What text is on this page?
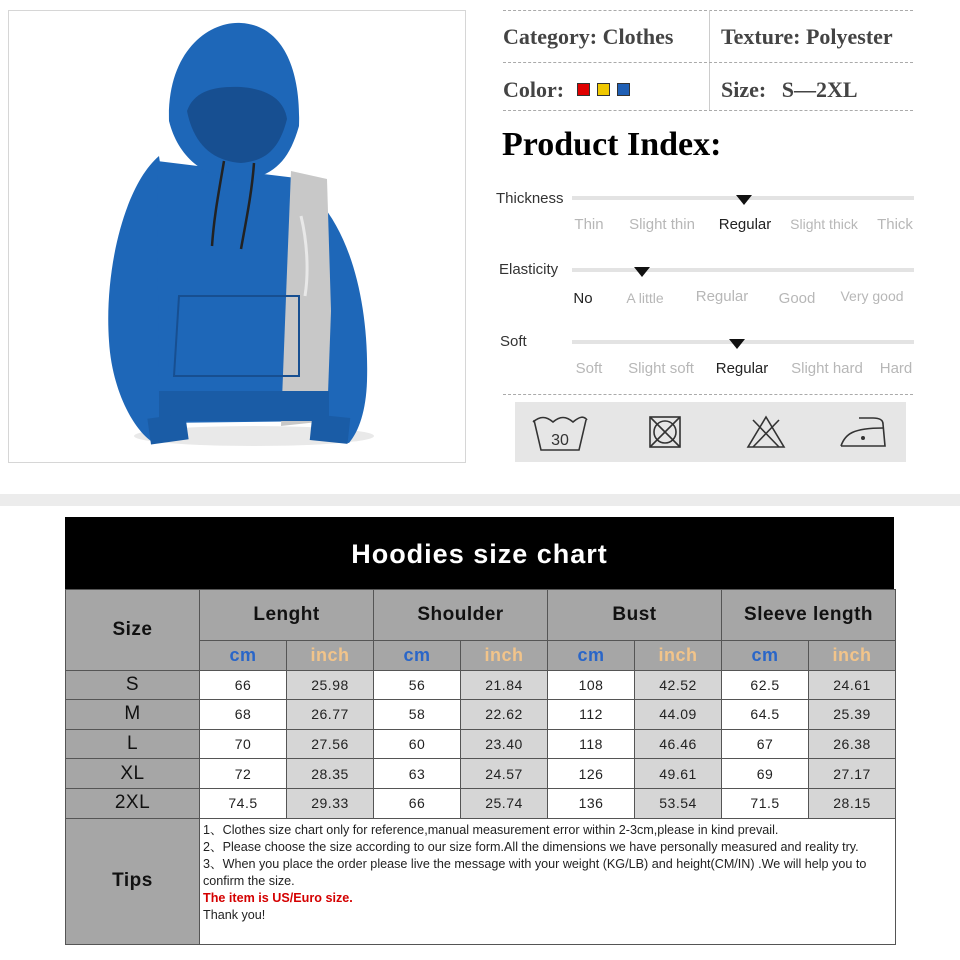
Category: Clothes Texture: Polyester
Color:	Size: S—2XL
Product Index:
Thickness
Thin Slight thin Regular Slight thick Thick
Elasticity
No A little Regular Good Very good
Soft
Soft Slight soft Regular Slight hard Hard
30
Hoodies size chart
Size	Lenght		Shoulder		Bust		Sleeve length	
	cm	inch	cm	inch	cm	inch	cm	inch
S	66	25.98	56	21.84	108	42.52	62.5	24.61
M	68	26.77	58	22.62	112	44.09	64.5	25.39
L	70	27.56	60	23.40	118	46.46	67	26.38
XL	72	28.35	63	24.57	126	49.61	69	27.17
2XL	74.5	29.33	66	25.74	136	53.54	71.5	28.15
Tips	1、Clothes size chart only for reference,manual measurement error within 2-3cm,please in kind prevail.
2、Please choose the size according to our size form.All the dimensions we have personally measured and reality try.
3、When you place the order please live the message with your weight (KG/LB) and height(CM/IN) .We will help you to confirm the size.
The item is US/Euro size.
Thank you!							
